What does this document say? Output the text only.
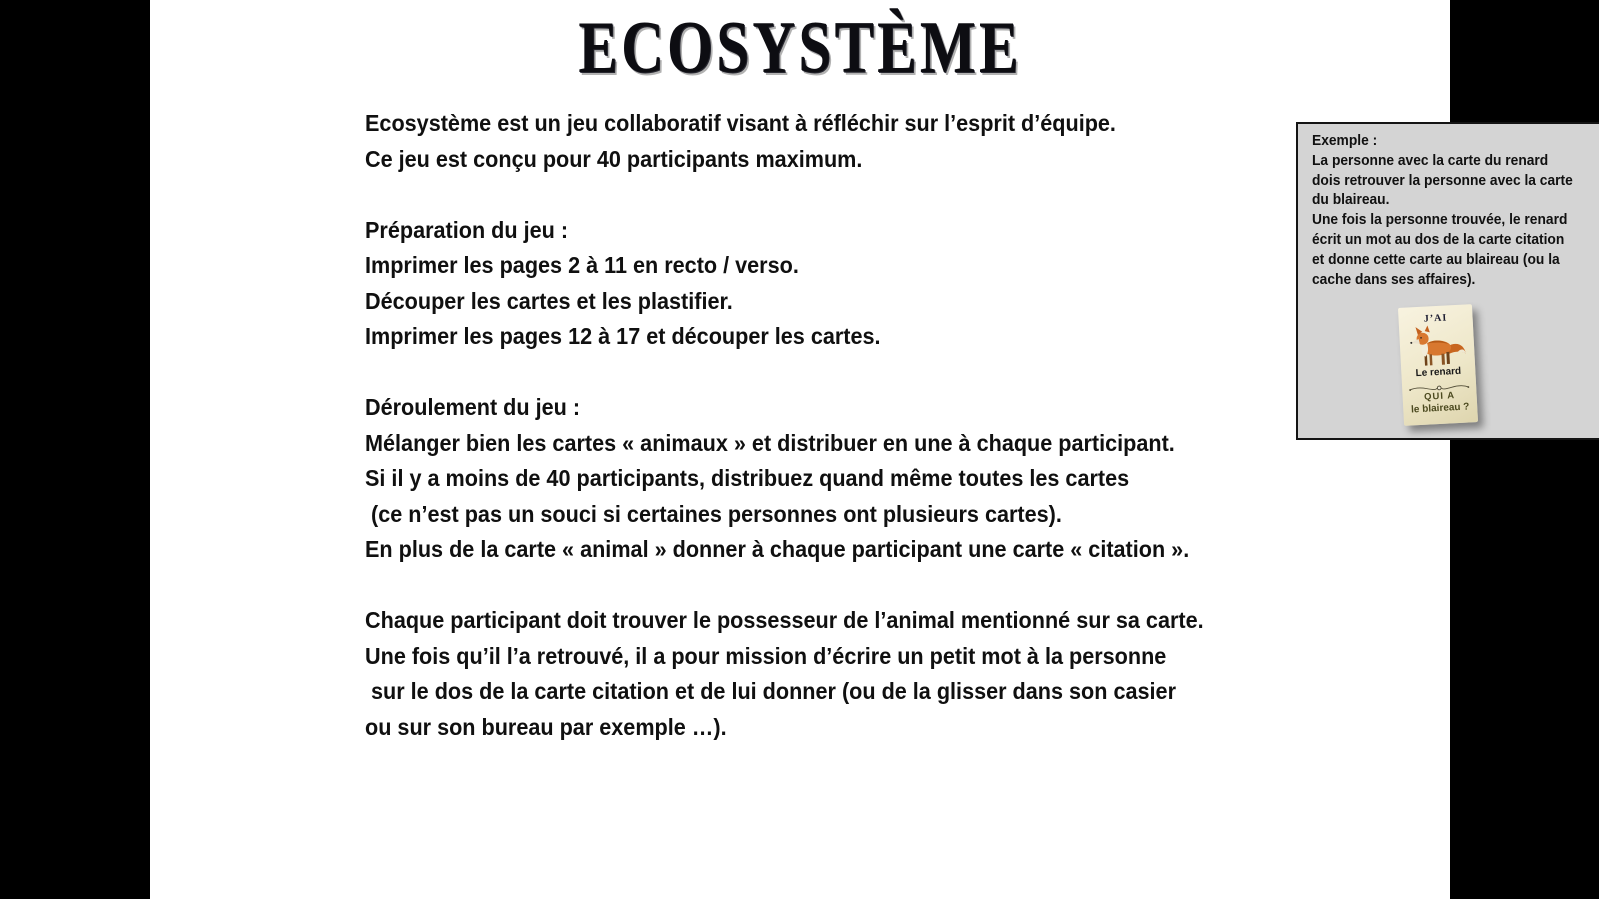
ECOSYSTÈME
Ecosystème est un jeu collaboratif visant à réfléchir sur l’esprit d’équipe.
Ce jeu est conçu pour 40 participants maximum.
Préparation du jeu :
Imprimer les pages 2 à 11 en recto / verso.
Découper les cartes et les plastifier.
Imprimer les pages 12 à 17 et découper les cartes.
Déroulement du jeu :
Mélanger bien les cartes « animaux » et distribuer en une à chaque participant.
Si il y a moins de 40 participants, distribuez quand même toutes les cartes
(ce n’est pas un souci si certaines personnes ont plusieurs cartes).
En plus de la carte « animal » donner à chaque participant une carte « citation ».
Chaque participant doit trouver le possesseur de l’animal mentionné sur sa carte.
Une fois qu’il l’a retrouvé, il a pour mission d’écrire un petit mot à la personne
sur le dos de la carte citation et de lui donner (ou de la glisser dans son casier
ou sur son bureau par exemple …).
Exemple :
La personne avec la carte du renard
dois retrouver la personne avec la carte
du blaireau.
Une fois la personne trouvée, le renard
écrit un mot au dos de la carte citation
et donne cette carte au blaireau (ou la
cache dans ses affaires).
J’AI
Le renard
QUI A
le blaireau ?
